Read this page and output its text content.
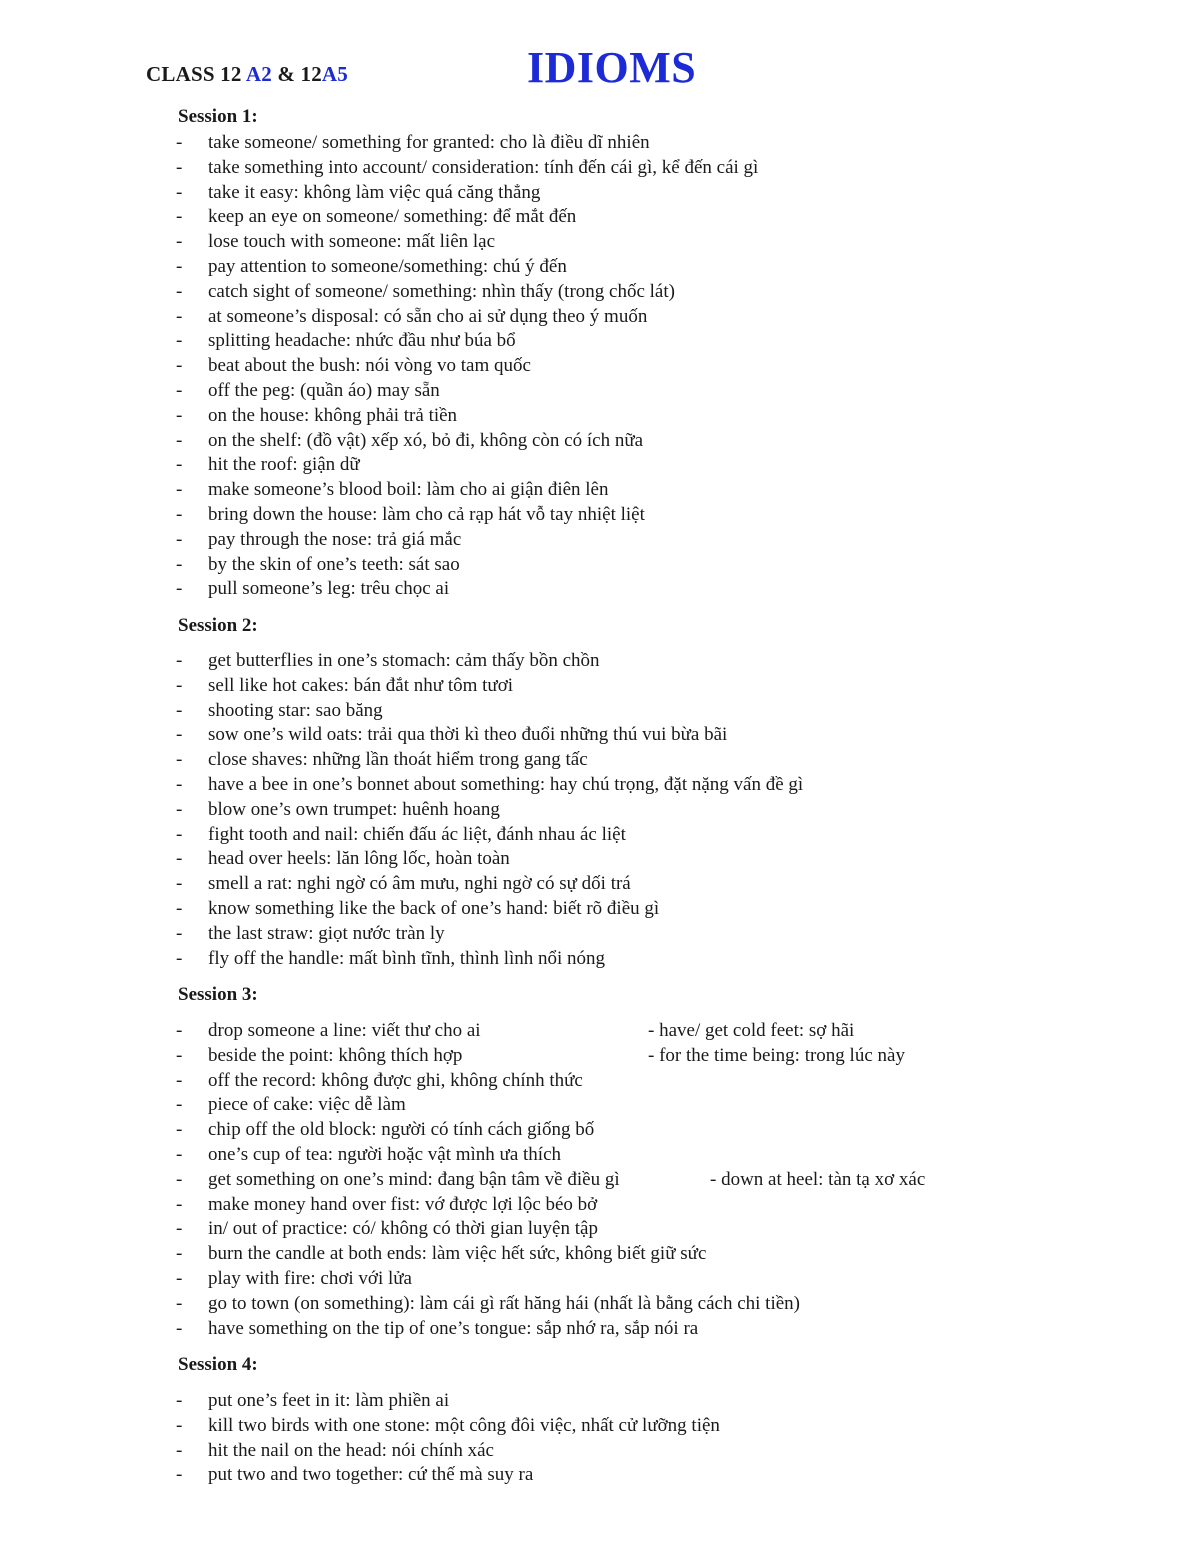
CLASS 12 A2 & 12A5	IDIOMS
Session 1:
- take someone/ something for granted: cho là điều dĩ nhiên
- take something into account/ consideration: tính đến cái gì, kể đến cái gì
- take it easy: không làm việc quá căng thẳng
- keep an eye on someone/ something: để mắt đến
- lose touch with someone: mất liên lạc
- pay attention to someone/something: chú ý đến
- catch sight of someone/ something: nhìn thấy (trong chốc lát)
- at someone’s disposal: có sẵn cho ai sử dụng theo ý muốn
- splitting headache: nhức đầu như búa bổ
- beat about the bush: nói vòng vo tam quốc
- off the peg: (quần áo) may sẵn
- on the house: không phải trả tiền
- on the shelf: (đồ vật) xếp xó, bỏ đi, không còn có ích nữa
- hit the roof: giận dữ
- make someone’s blood boil: làm cho ai giận điên lên
- bring down the house: làm cho cả rạp hát vỗ tay nhiệt liệt
- pay through the nose: trả giá mắc
- by the skin of one’s teeth: sát sao
- pull someone’s leg: trêu chọc ai
Session 2:
- get butterflies in one’s stomach: cảm thấy bồn chồn
- sell like hot cakes: bán đắt như tôm tươi
- shooting star: sao băng
- sow one’s wild oats: trải qua thời kì theo đuổi những thú vui bừa bãi
- close shaves: những lần thoát hiểm trong gang tấc
- have a bee in one’s bonnet about something: hay chú trọng, đặt nặng vấn đề gì
- blow one’s own trumpet: huênh hoang
- fight tooth and nail: chiến đấu ác liệt, đánh nhau ác liệt
- head over heels: lăn lông lốc, hoàn toàn
- smell a rat: nghi ngờ có âm mưu, nghi ngờ có sự dối trá
- know something like the back of one’s hand: biết rõ điều gì
- the last straw: giọt nước tràn ly
- fly off the handle: mất bình tĩnh, thình lình nổi nóng
Session 3:
- drop someone a line: viết thư cho ai
- beside the point: không thích hợp
- off the record: không được ghi, không chính thức
- piece of cake: việc dễ làm
- chip off the old block: người có tính cách giống bố
- one’s cup of tea: người hoặc vật mình ưa thích
- get something on one’s mind: đang bận tâm về điều gì
- make money hand over fist: vớ được lợi lộc béo bở
- in/ out of practice: có/ không có thời gian luyện tập
- burn the candle at both ends: làm việc hết sức, không biết giữ sức
- play with fire: chơi với lửa
- go to town (on something): làm cái gì rất hăng hái (nhất là bằng cách chi tiền)
- have something on the tip of one’s tongue: sắp nhớ ra, sắp nói ra
- have/ get cold feet: sợ hãi
- for the time being: trong lúc này
- down at heel: tàn tạ xơ xác
Session 4:
- put one’s feet in it: làm phiền ai
- kill two birds with one stone: một công đôi việc, nhất cử lưỡng tiện
- hit the nail on the head: nói chính xác
- put two and two together: cứ thế mà suy ra
